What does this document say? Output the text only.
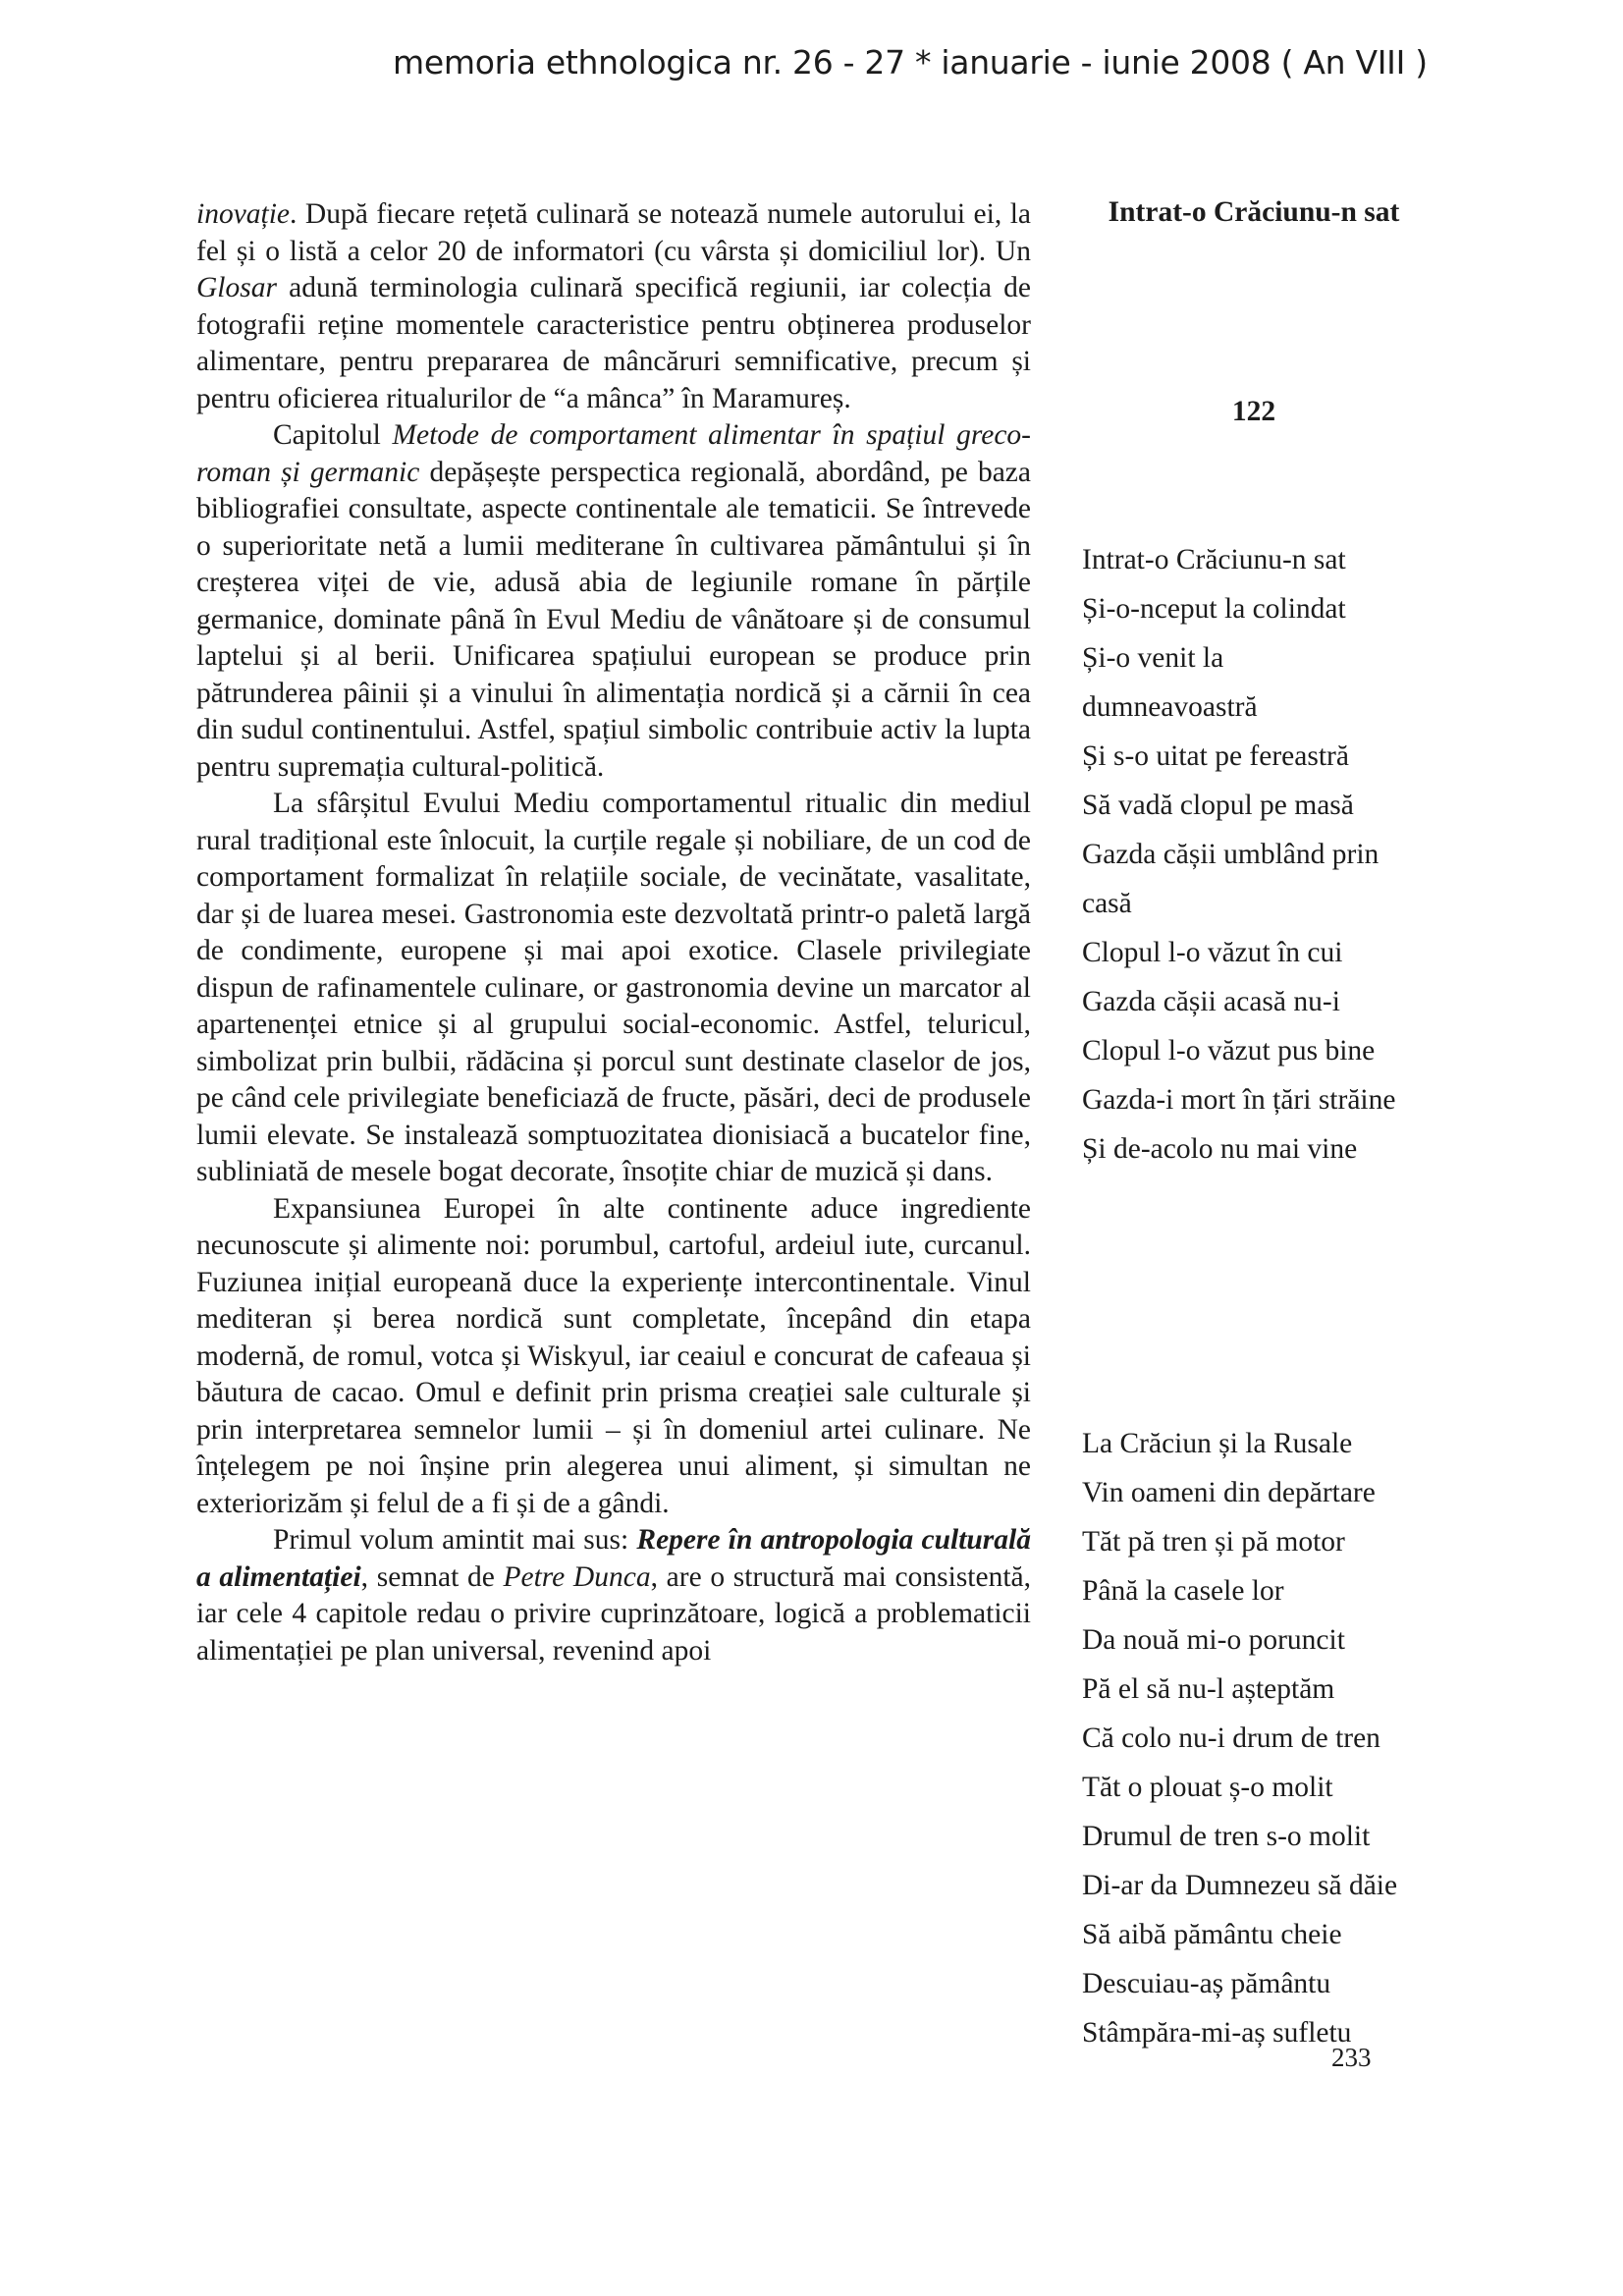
memoria ethnologica nr. 26 - 27 * ianuarie - iunie 2008 ( An VIII )

inovație. După fiecare rețetă culinară se notează numele autorului ei, la fel și o listă a celor 20 de informatori (cu vârsta și domiciliul lor). Un Glosar adună terminologia culinară specifică regiunii, iar colecția de fotografii reține momentele caracteristice pentru obținerea produselor alimentare, pentru prepararea de mâncăruri semnificative, precum și pentru oficierea ritualurilor de “a mânca” în Maramureș.

Capitolul Metode de comportament alimentar în spațiul greco-roman și germanic depășește perspectica regională, abordând, pe baza bibliografiei consultate, aspecte continentale ale tematicii. Se întrevede o superioritate netă a lumii mediterane în cultivarea pământului și în creșterea viței de vie, adusă abia de legiunile romane în părțile germanice, dominate până în Evul Mediu de vânătoare și de consumul laptelui și al berii. Unificarea spațiului european se produce prin pătrunderea pâinii și a vinului în alimentația nordică și a cărnii în cea din sudul continentului. Astfel, spațiul simbolic contribuie activ la lupta pentru supremația cultural-politică.

La sfârșitul Evului Mediu comportamentul ritualic din mediul rural tradițional este înlocuit, la curțile regale și nobiliare, de un cod de comportament formalizat în relațiile sociale, de vecinătate, vasalitate, dar și de luarea mesei. Gastronomia este dezvoltată printr-o paletă largă de condimente, europene și mai apoi exotice. Clasele privilegiate dispun de rafinamentele culinare, or gastronomia devine un marcator al apartenenței etnice și al grupului social-economic. Astfel, teluricul, simbolizat prin bulbii, rădăcina și porcul sunt destinate claselor de jos, pe când cele privilegiate beneficiază de fructe, păsări, deci de produsele lumii elevate. Se instalează somptuozitatea dionisiacă a bucatelor fine, subliniată de mesele bogat decorate, însoțite chiar de muzică și dans.

Expansiunea Europei în alte continente aduce ingrediente necunoscute și alimente noi: porumbul, cartoful, ardeiul iute, curcanul. Fuziunea inițial europeană duce la experiențe intercontinentale. Vinul mediteran și berea nordică sunt completate, începând din etapa modernă, de romul, votca și Wiskyul, iar ceaiul e concurat de cafeaua și băutura de cacao. Omul e definit prin prisma creației sale culturale și prin interpretarea semnelor lumii – și în domeniul artei culinare. Ne înțelegem pe noi înșine prin alegerea unui aliment, și simultan ne exteriorizăm și felul de a fi și de a gândi.

Primul volum amintit mai sus: Repere în antropologia culturală a alimentației, semnat de Petre Dunca, are o structură mai consistentă, iar cele 4 capitole redau o privire cuprinzătoare, logică a problematicii alimentației pe plan universal, revenind apoi

Intrat-o Crăciunu-n sat
122
Intrat-o Crăciunu-n sat
Și-o-nceput la colindat
Și-o venit la
dumneavoastră
Și s-o uitat pe fereastră
Să vadă clopul pe masă
Gazda cășii umblând prin
casă
Clopul l-o văzut în cui
Gazda cășii acasă nu-i
Clopul l-o văzut pus bine
Gazda-i mort în țări străine
Și de-acolo nu mai vine
La Crăciun și la Rusale
Vin oameni din depărtare
Tăt pă tren și pă motor
Până la casele lor
Da nouă mi-o poruncit
Pă el să nu-l așteptăm
Că colo nu-i drum de tren
Tăt o plouat ș-o molit
Drumul de tren s-o molit
Di-ar da Dumnezeu să dăie
Să aibă pământu cheie
Descuiau-aș pământu
Stâmpăra-mi-aș sufletu
233
